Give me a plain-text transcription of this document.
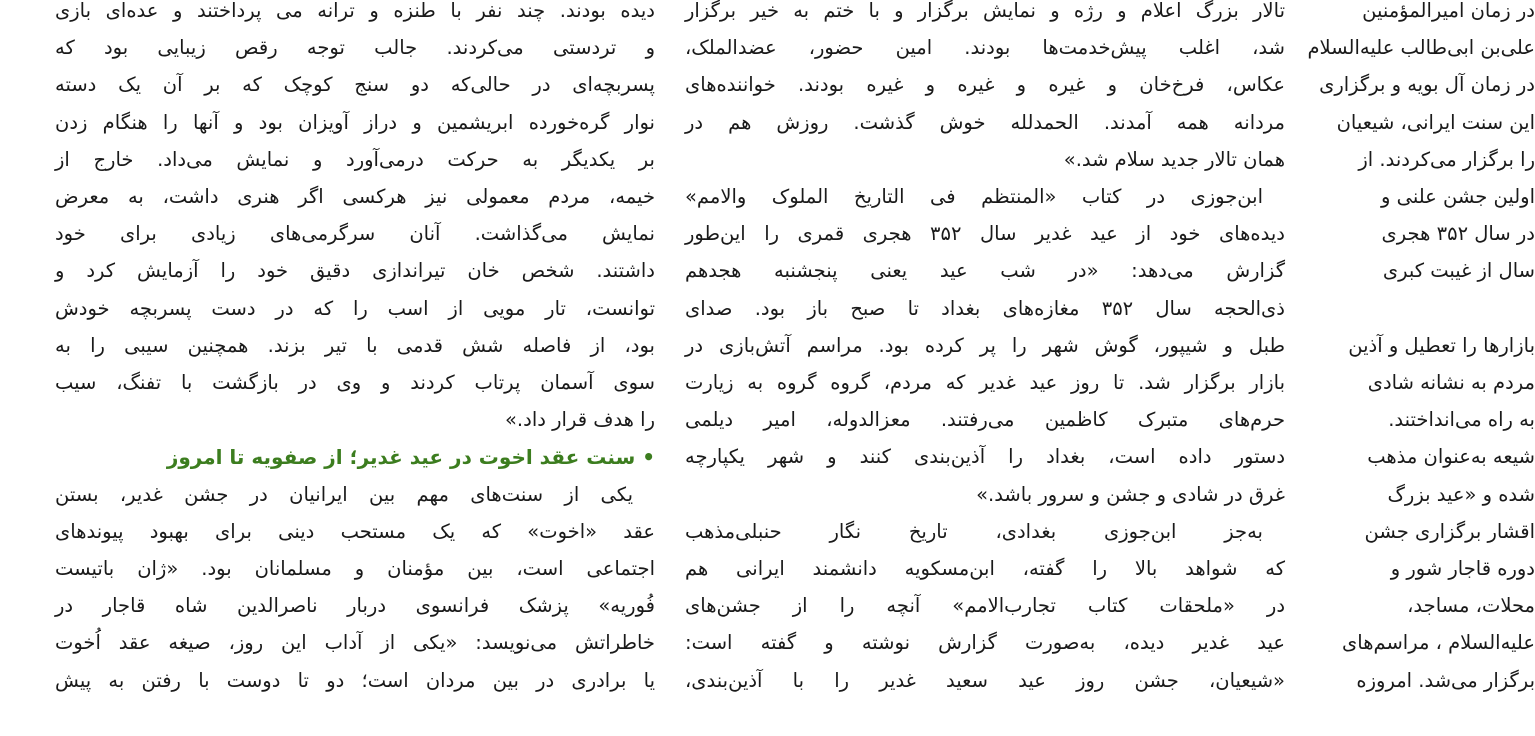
دیده بودند. چند نفر با طنزه و ترانه مى پرداختند و عده‌اى بازى
و تردستى مى‌کردند. جالب توجه رقص زیبایى بود که
پسربچه‌اى در حالى‌که دو سنج کوچک که بر آن یک دسته
نوار گره‌خورده ابریشمین و دراز آویزان بود و آنها را هنگام زدن
بر یکدیگر به حرکت درمى‌آورد و نمایش مى‌داد. خارج از
خیمه، مردم معمولى نیز هرکسى اگر هنرى داشت، به معرض
نمایش مى‌گذاشت. آنان سرگرمى‌هاى زیادى براى خود
داشتند. شخص خان تیراندازى دقیق خود را آزمایش کرد و
توانست، تار مویى از اسب را که در دست پسربچه خودش
بود، از فاصله شش قدمى با تیر بزند. همچنین سیبى را به
سوى آسمان پرتاب کردند و وى در بازگشت با تفنگ، سیب
را هدف قرار داد.»
• سنت عقد اخوت در عید غدیر؛ از صفویه تا امروز
یکى از سنت‌هاى مهم بین ایرانیان در جشن غدیر، بستن
عقد «اخوت» که یک مستحب دینى براى بهبود پیوندهاى
اجتماعى است، بین مؤمنان و مسلمانان بود. «ژان باتیست
فُوریه» پزشک فرانسوى دربار ناصرالدین شاه قاجار در
خاطراتش مى‌نویسد: «یکى از آداب این روز، صیغه عقد اُخوت
یا برادرى در بین مردان است؛ دو تا دوست با رفتن به پیش
تالار بزرگ اعلام و رژه و نمایش برگزار و با ختم به خیر برگزار
شد، اغلب پیش‌خدمت‌ها بودند. امین حضور، عضدالملک،
عکاس، فرخ‌خان و غیره و غیره و غیره بودند. خواننده‌هاى
مردانه همه آمدند. الحمدلله خوش گذشت. روزش هم در
همان تالار جدید سلام شد.»
ابن‌جوزى در کتاب «المنتظم فى التاریخ الملوک والامم»
دیده‌هاى خود از عید غدیر سال ۳۵۲ هجرى قمرى را این‌طور
گزارش مى‌دهد: «در شب عید یعنى پنجشنبه هجدهم
ذى‌الحجه سال ۳۵۲ مغازه‌هاى بغداد تا صبح باز بود. صداى
طبل و شیپور، گوش شهر را پر کرده بود. مراسم آتش‌بازى در
بازار برگزار شد. تا روز عید غدیر که مردم، گروه گروه به زیارت
حرم‌هاى متبرک کاظمین مى‌رفتند. معزالدوله، امیر دیلمى
دستور داده است، بغداد را آذین‌بندى کنند و شهر یکپارچه
غرق در شادى و جشن و سرور باشد.»
به‌جز ابن‌جوزى بغدادى، تاریخ نگار حنبلى‌مذهب
که شواهد بالا را گفته، ابن‌مسکویه دانشمند ایرانى هم
در «ملحقات کتاب تجارب‌الامم» آنچه را از جشن‌هاى
عید غدیر دیده، به‌صورت گزارش نوشته و گفته است:
«شیعیان، جشن روز عید سعید غدیر را با آذین‌بندى،
در زمان امیرالمؤمنین
على‌بن ابى‌طالب عليه‌السلام
در زمان آل بویه و برگزارى
این سنت ایرانى، شیعیان
را برگزار مى‌کردند. از
اولین جشن علنى و
در سال ۳۵۲ هجرى
سال از غیبت کبرى
بازارها را تعطیل و آذین
مردم به نشانه شادى
به راه مى‌انداختند.
شیعه به‌عنوان مذهب
شده و «عید بزرگ
اقشار برگزارى جشن
دوره قاجار شور و
محلات، مساجد،
عليه‌السلام ، مراسم‌هاى
برگزار مى‌شد. امروزه
